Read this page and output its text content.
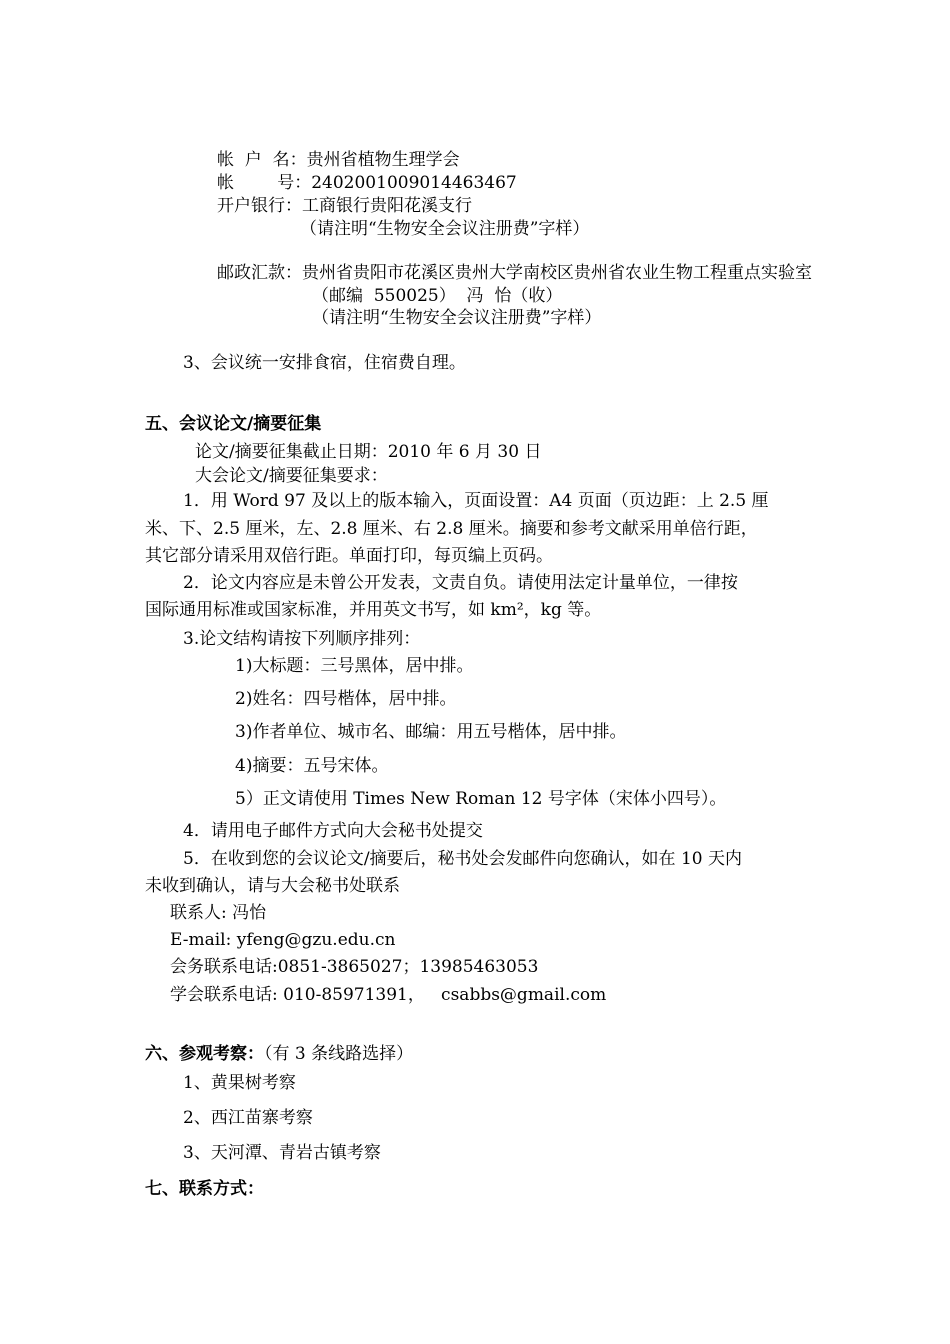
帐  户  名：贵州省植物生理学会

帐        号：2402001009014463467

开户银行：工商银行贵阳花溪支行

（请注明“生物安全会议注册费”字样）

邮政汇款：贵州省贵阳市花溪区贵州大学南校区贵州省农业生物工程重点实验室

（邮编  550025）  冯  怡（收）

（请注明“生物安全会议注册费”字样）

3、会议统一安排食宿，住宿费自理。

五、会议论文/摘要征集

论文/摘要征集截止日期：2010 年 6 月 30 日

大会论文/摘要征集要求：

1．用 Word 97 及以上的版本输入，页面设置：A4 页面（页边距：上 2.5 厘

米、下、2.5 厘米，左、2.8 厘米、右 2.8 厘米。摘要和参考文献采用单倍行距，

其它部分请采用双倍行距。单面打印，每页编上页码。

2．论文内容应是未曾公开发表，文责自负。请使用法定计量单位，一律按

国际通用标准或国家标准，并用英文书写，如 km²，kg 等。

3.论文结构请按下列顺序排列：

1)大标题：三号黑体，居中排。

2)姓名：四号楷体，居中排。

3)作者单位、城市名、邮编：用五号楷体，居中排。

4)摘要：五号宋体。

5）正文请使用 Times New Roman 12 号字体（宋体小四号）。

4．请用电子邮件方式向大会秘书处提交

5．在收到您的会议论文/摘要后，秘书处会发邮件向您确认，如在 10 天内

未收到确认，请与大会秘书处联系

联系人: 冯怡

E-mail: yfeng@gzu.edu.cn

会务联系电话:0851-3865027；13985463053

学会联系电话: 010-85971391，   csabbs@gmail.com

六、参观考察：（有 3 条线路选择）

1、黄果树考察

2、西江苗寨考察

3、天河潭、青岩古镇考察

七、联系方式：
